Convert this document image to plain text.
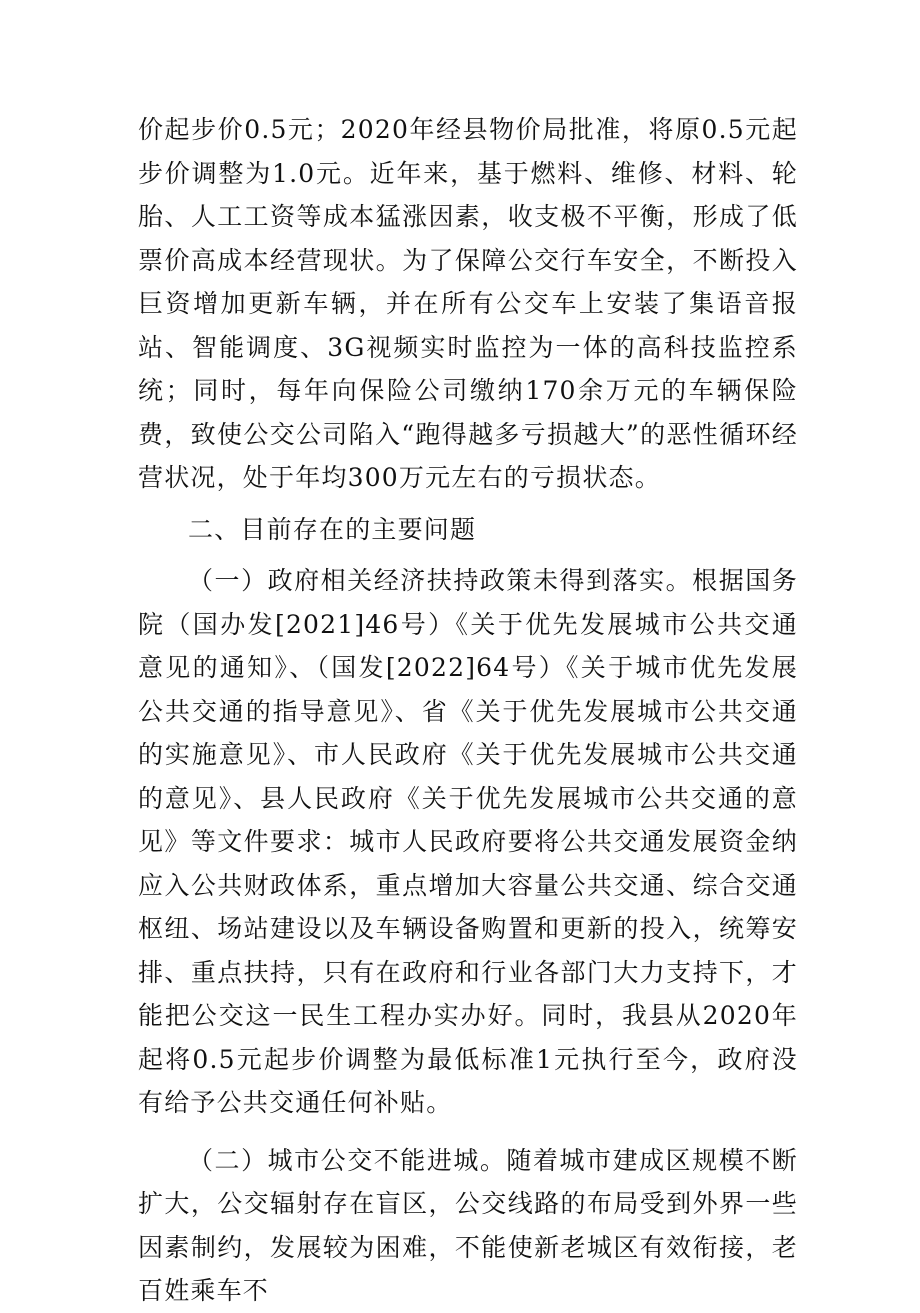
价起步价0.5元；2020年经县物价局批准，将原0.5元起步价调整为1.0元。近年来，基于燃料、维修、材料、轮胎、人工工资等成本猛涨因素，收支极不平衡，形成了低票价高成本经营现状。为了保障公交行车安全，不断投入巨资增加更新车辆，并在所有公交车上安装了集语音报站、智能调度、3G视频实时监控为一体的高科技监控系统；同时，每年向保险公司缴纳170余万元的车辆保险费，致使公交公司陷入“跑得越多亏损越大”的恶性循环经营状况，处于年均300万元左右的亏损状态。

二、目前存在的主要问题

（一）政府相关经济扶持政策未得到落实。根据国务院（国办发[2021]46号）《关于优先发展城市公共交通意见的通知》、（国发[2022]64号）《关于城市优先发展公共交通的指导意见》、省《关于优先发展城市公共交通的实施意见》、市人民政府《关于优先发展城市公共交通的意见》、县人民政府《关于优先发展城市公共交通的意见》等文件要求：城市人民政府要将公共交通发展资金纳应入公共财政体系，重点增加大容量公共交通、综合交通枢纽、场站建设以及车辆设备购置和更新的投入，统筹安排、重点扶持，只有在政府和行业各部门大力支持下，才能把公交这一民生工程办实办好。同时，我县从2020年起将0.5元起步价调整为最低标准1元执行至今，政府没有给予公共交通任何补贴。

（二）城市公交不能进城。随着城市建成区规模不断扩大，公交辐射存在盲区，公交线路的布局受到外界一些因素制约，发展较为困难，不能使新老城区有效衔接，老百姓乘车不
